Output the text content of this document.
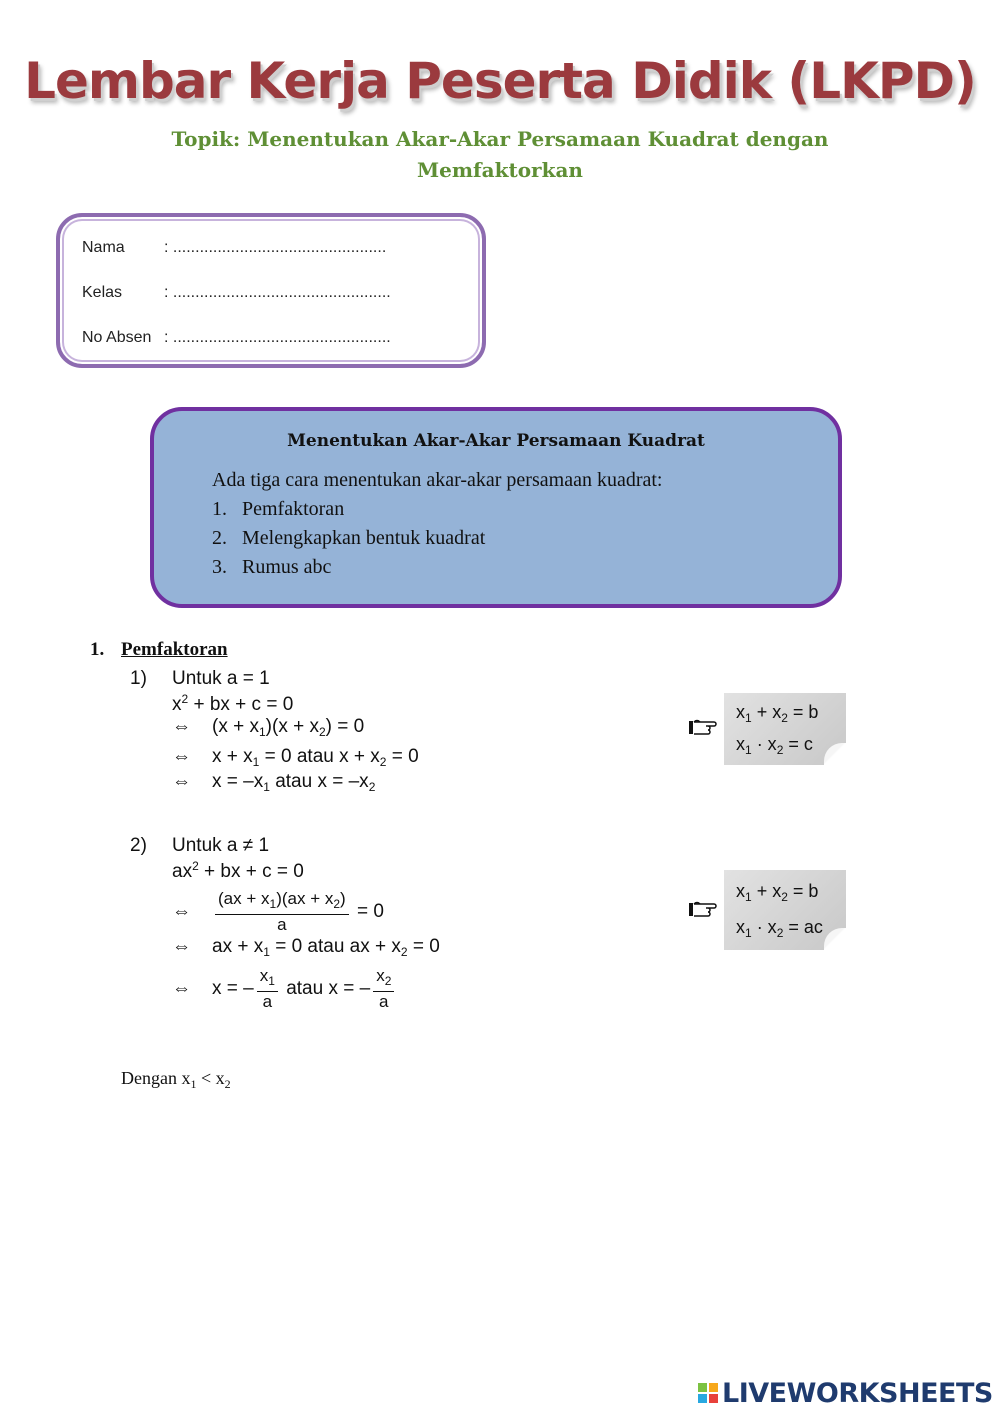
Lembar Kerja Peserta Didik (LKPD)
Topik: Menentukan Akar-Akar Persamaan Kuadrat dengan
Memfaktorkan
Nama : ................................................
Kelas	: .................................................
No Absen : .................................................
Menentukan Akar-Akar Persamaan Kuadrat
Ada tiga cara menentukan akar-akar persamaan kuadrat:
1. Pemfaktoran
2. Melengkapkan bentuk kuadrat
3. Rumus abc
1. Pemfaktoran
1) Untuk a = 1
$x^2$ + bx + c = 0
⇔ $(x + x_1)(x + x_2) = 0$
⇔ $x + x_1 = 0$ atau $x + x_2 = 0$
⇔ $x = -x_1$ atau $x = -x_2$
$x_1 + x_2 = b$
$x_1 \cdot x_2 = c$
2) Untuk a ≠ 1
$ax^2$ + bx + c = 0
⇔ $\frac{(ax + x_1)(ax + x_2)}{a} = 0$
⇔ ax + $x_1 = 0$ atau ax + $x_2 = 0$
⇔ x = – $\frac{x_1}{a}$ atau x = – $\frac{x_2}{a}$
$x_1 + x_2 = b$
$x_1 \cdot x_2$ = ac
Dengan $x_1 < x_2$
LIVEWORKSHEETS
